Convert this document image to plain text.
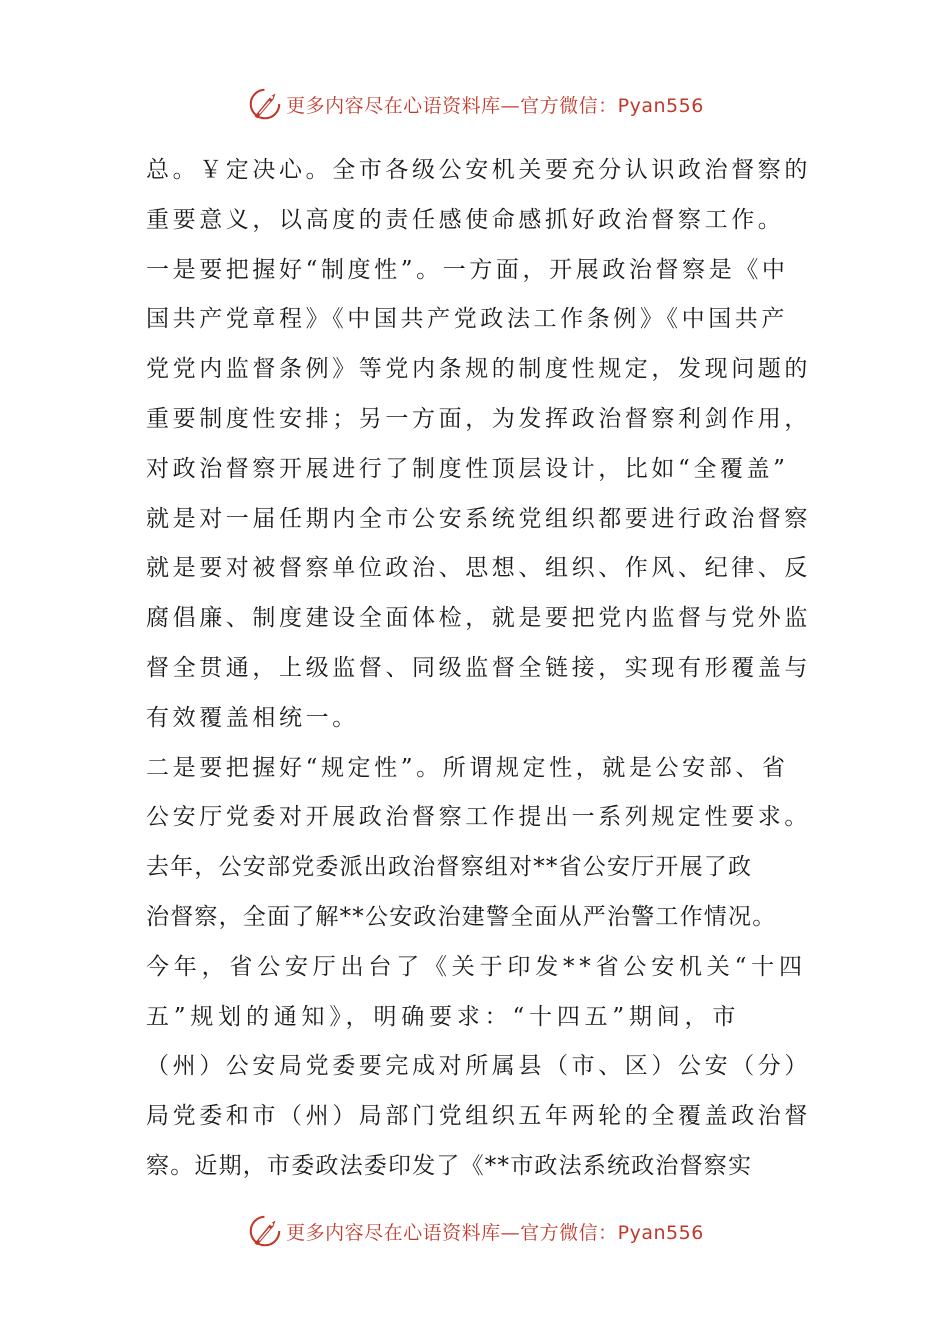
更多内容尽在心语资料库—官方微信：Pyan556
总。￥定决心。全市各级公安机关要充分认识政治督察的
重要意义，以高度的责任感使命感抓好政治督察工作。
一是要把握好“制度性”。一方面，开展政治督察是《中
国共产党章程》《中国共产党政法工作条例》《中国共产
党党内监督条例》等党内条规的制度性规定，发现问题的
重要制度性安排；另一方面，为发挥政治督察利剑作用，
对政治督察开展进行了制度性顶层设计，比如“全覆盖”
就是对一届任期内全市公安系统党组织都要进行政治督察
就是要对被督察单位政治、思想、组织、作风、纪律、反
腐倡廉、制度建设全面体检，就是要把党内监督与党外监
督全贯通，上级监督、同级监督全链接，实现有形覆盖与
有效覆盖相统一。
二是要把握好“规定性”。所谓规定性，就是公安部、省
公安厅党委对开展政治督察工作提出一系列规定性要求。
去年，公安部党委派出政治督察组对**省公安厅开展了政
治督察，全面了解**公安政治建警全面从严治警工作情况。
今年，省公安厅出台了《关于印发**省公安机关“十四
五”规划的通知》，明确要求：“十四五”期间，市
（州）公安局党委要完成对所属县（市、区）公安（分）
局党委和市（州）局部门党组织五年两轮的全覆盖政治督
察。近期，市委政法委印发了《**市政法系统政治督察实
更多内容尽在心语资料库—官方微信：Pyan556
